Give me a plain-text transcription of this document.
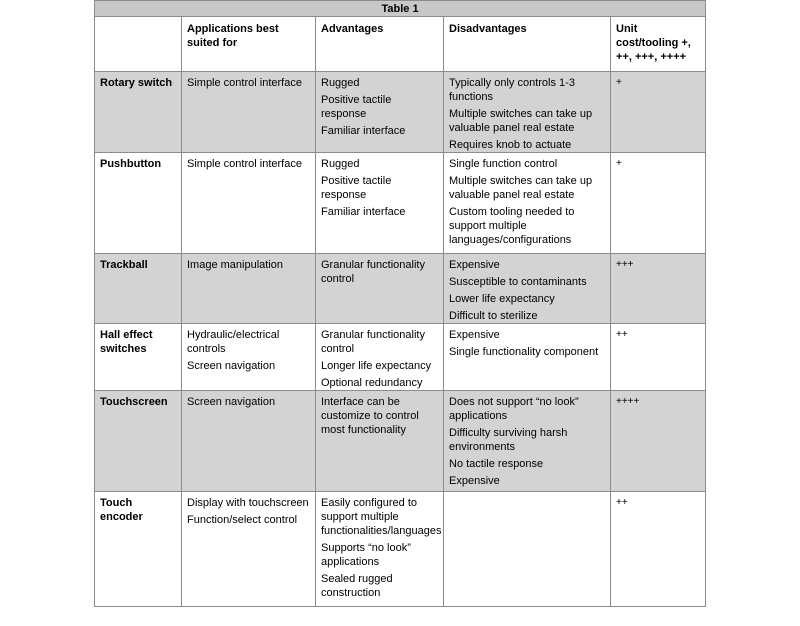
Table 1				
	Applications best suited for	Advantages	Disadvantages	Unit cost/tooling +, ++, +++, ++++
Rotary switch	Simple control interface	Rugged
Positive tactile response
Familiar interface	Typically only controls 1-3 functions
Multiple switches can take up valuable panel real estate
Requires knob to actuate	+
Pushbutton	Simple control interface	Rugged
Positive tactile response
Familiar interface	Single function control
Multiple switches can take up valuable panel real estate
Custom tooling needed to support multiple languages/configurations	+
Trackball	Image manipulation	Granular functionality control	Expensive
Susceptible to contaminants
Lower life expectancy
Difficult to sterilize	+++
Hall effect switches	Hydraulic/electrical controls
Screen navigation	Granular functionality control
Longer life expectancy
Optional redundancy	Expensive
Single functionality component	++
Touchscreen	Screen navigation	Interface can be customize to control most functionality	Does not support “no look” applications
Difficulty surviving harsh environments
No tactile response
Expensive	++++
Touch encoder	Display with touchscreen
Function/select control	Easily configured to support multiple functionalities/languages
Supports “no look” applications
Sealed rugged construction		++
